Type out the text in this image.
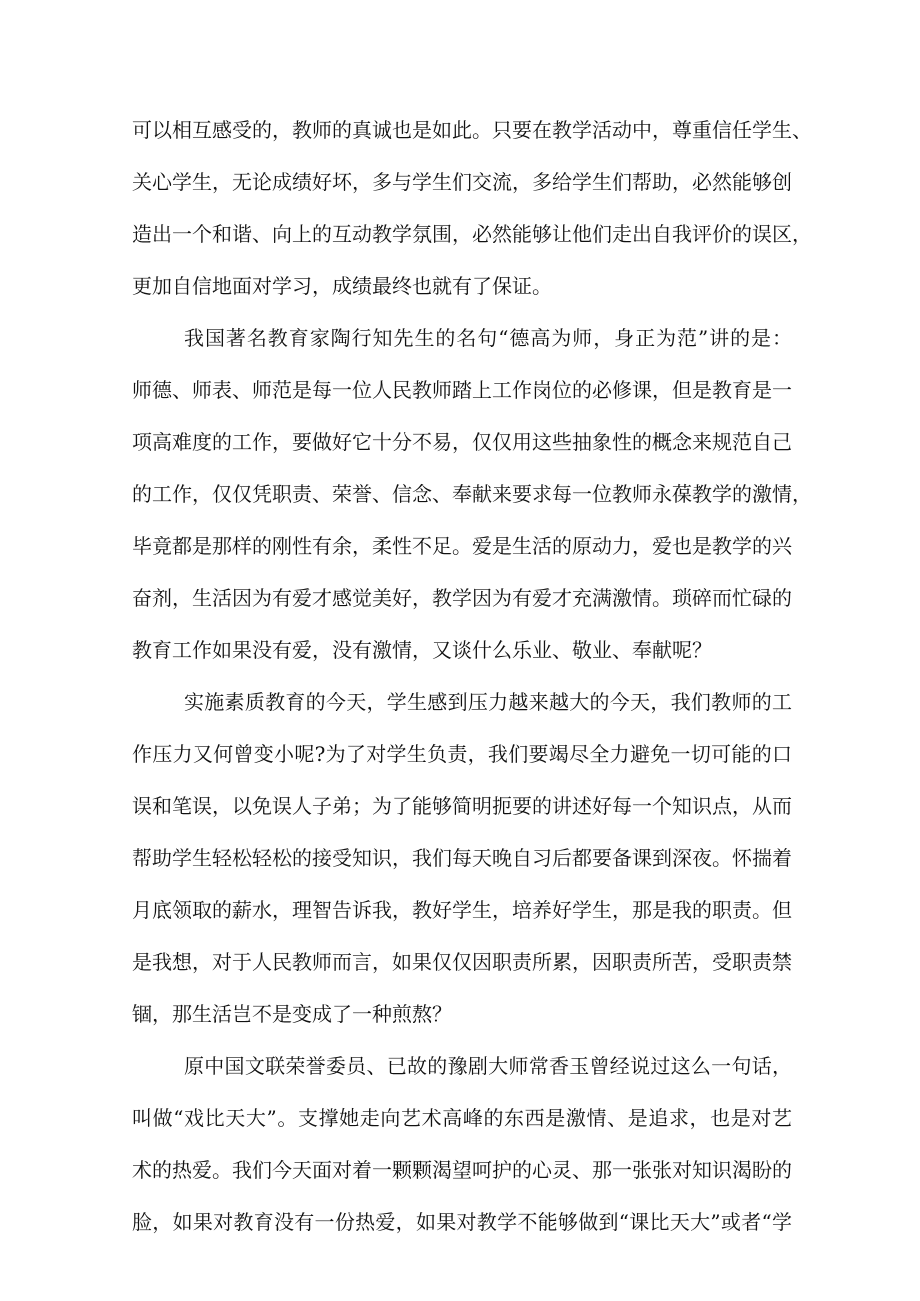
可以相互感受的，教师的真诚也是如此。只要在教学活动中，尊重信任学生、
关心学生，无论成绩好坏，多与学生们交流，多给学生们帮助，必然能够创
造出一个和谐、向上的互动教学氛围，必然能够让他们走出自我评价的误区，
更加自信地面对学习，成绩最终也就有了保证。
我国著名教育家陶行知先生的名句“德高为师，身正为范”讲的是：
师德、师表、师范是每一位人民教师踏上工作岗位的必修课，但是教育是一
项高难度的工作，要做好它十分不易，仅仅用这些抽象性的概念来规范自己
的工作，仅仅凭职责、荣誉、信念、奉献来要求每一位教师永葆教学的激情，
毕竟都是那样的刚性有余，柔性不足。爱是生活的原动力，爱也是教学的兴
奋剂，生活因为有爱才感觉美好，教学因为有爱才充满激情。琐碎而忙碌的
教育工作如果没有爱，没有激情，又谈什么乐业、敬业、奉献呢？
实施素质教育的今天，学生感到压力越来越大的今天，我们教师的工
作压力又何曾变小呢?为了对学生负责，我们要竭尽全力避免一切可能的口
误和笔误，以免误人子弟；为了能够简明扼要的讲述好每一个知识点，从而
帮助学生轻松轻松的接受知识，我们每天晚自习后都要备课到深夜。怀揣着
月底领取的薪水，理智告诉我，教好学生，培养好学生，那是我的职责。但
是我想，对于人民教师而言，如果仅仅因职责所累，因职责所苦，受职责禁
锢，那生活岂不是变成了一种煎熬？
原中国文联荣誉委员、已故的豫剧大师常香玉曾经说过这么一句话，
叫做“戏比天大”。支撑她走向艺术高峰的东西是激情、是追求，也是对艺
术的热爱。我们今天面对着一颗颗渴望呵护的心灵、那一张张对知识渴盼的
脸，如果对教育没有一份热爱，如果对教学不能够做到“课比天大”或者“学
